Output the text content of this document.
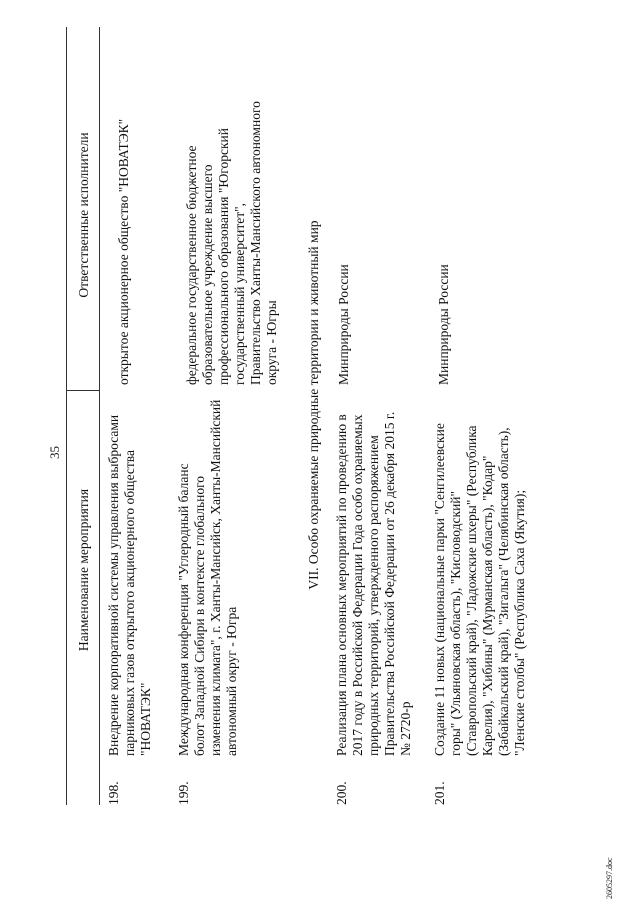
35
Наименование мероприятия
Ответственные исполнители
198.
Внедрение корпоративной системы управления выбросами
парниковых газов открытого акционерного общества
"НОВАТЭК"
открытое акционерное общество "НОВАТЭК"
199.
Международная конференция "Углеродный баланс
болот Западной Сибири в контексте глобального
изменения климата", г. Ханты-Мансийск, Ханты-Мансийский
автономный округ - Югра
федеральное государственное бюджетное
образовательное учреждение высшего
профессионального образования "Югорский
государственный университет",
Правительство Ханты-Мансийского автономного
округа - Югры VII. Особо охраняемые природные территории и животный мир
200.
Реализация плана основных мероприятий по проведению в
2017 году в Российской Федерации Года особо охраняемых
природных территорий, утвержденного распоряжением
Правительства Российской Федерации от 26 декабря 2015 г.
№ 2720-р
Минприроды России
201.
Создание 11 новых (национальные парки "Сенгилеевские
горы" (Ульяновская область), "Кисловодский"
(Ставропольский край), "Ладожские шхеры" (Республика
Карелия), "Хибины" (Мурманская область), "Кодар"
(Забайкальский край), "Зигальга" (Челябинская область),
"Ленские столбы" (Республика Саха (Якутия);
Минприроды России
2605297.doc
